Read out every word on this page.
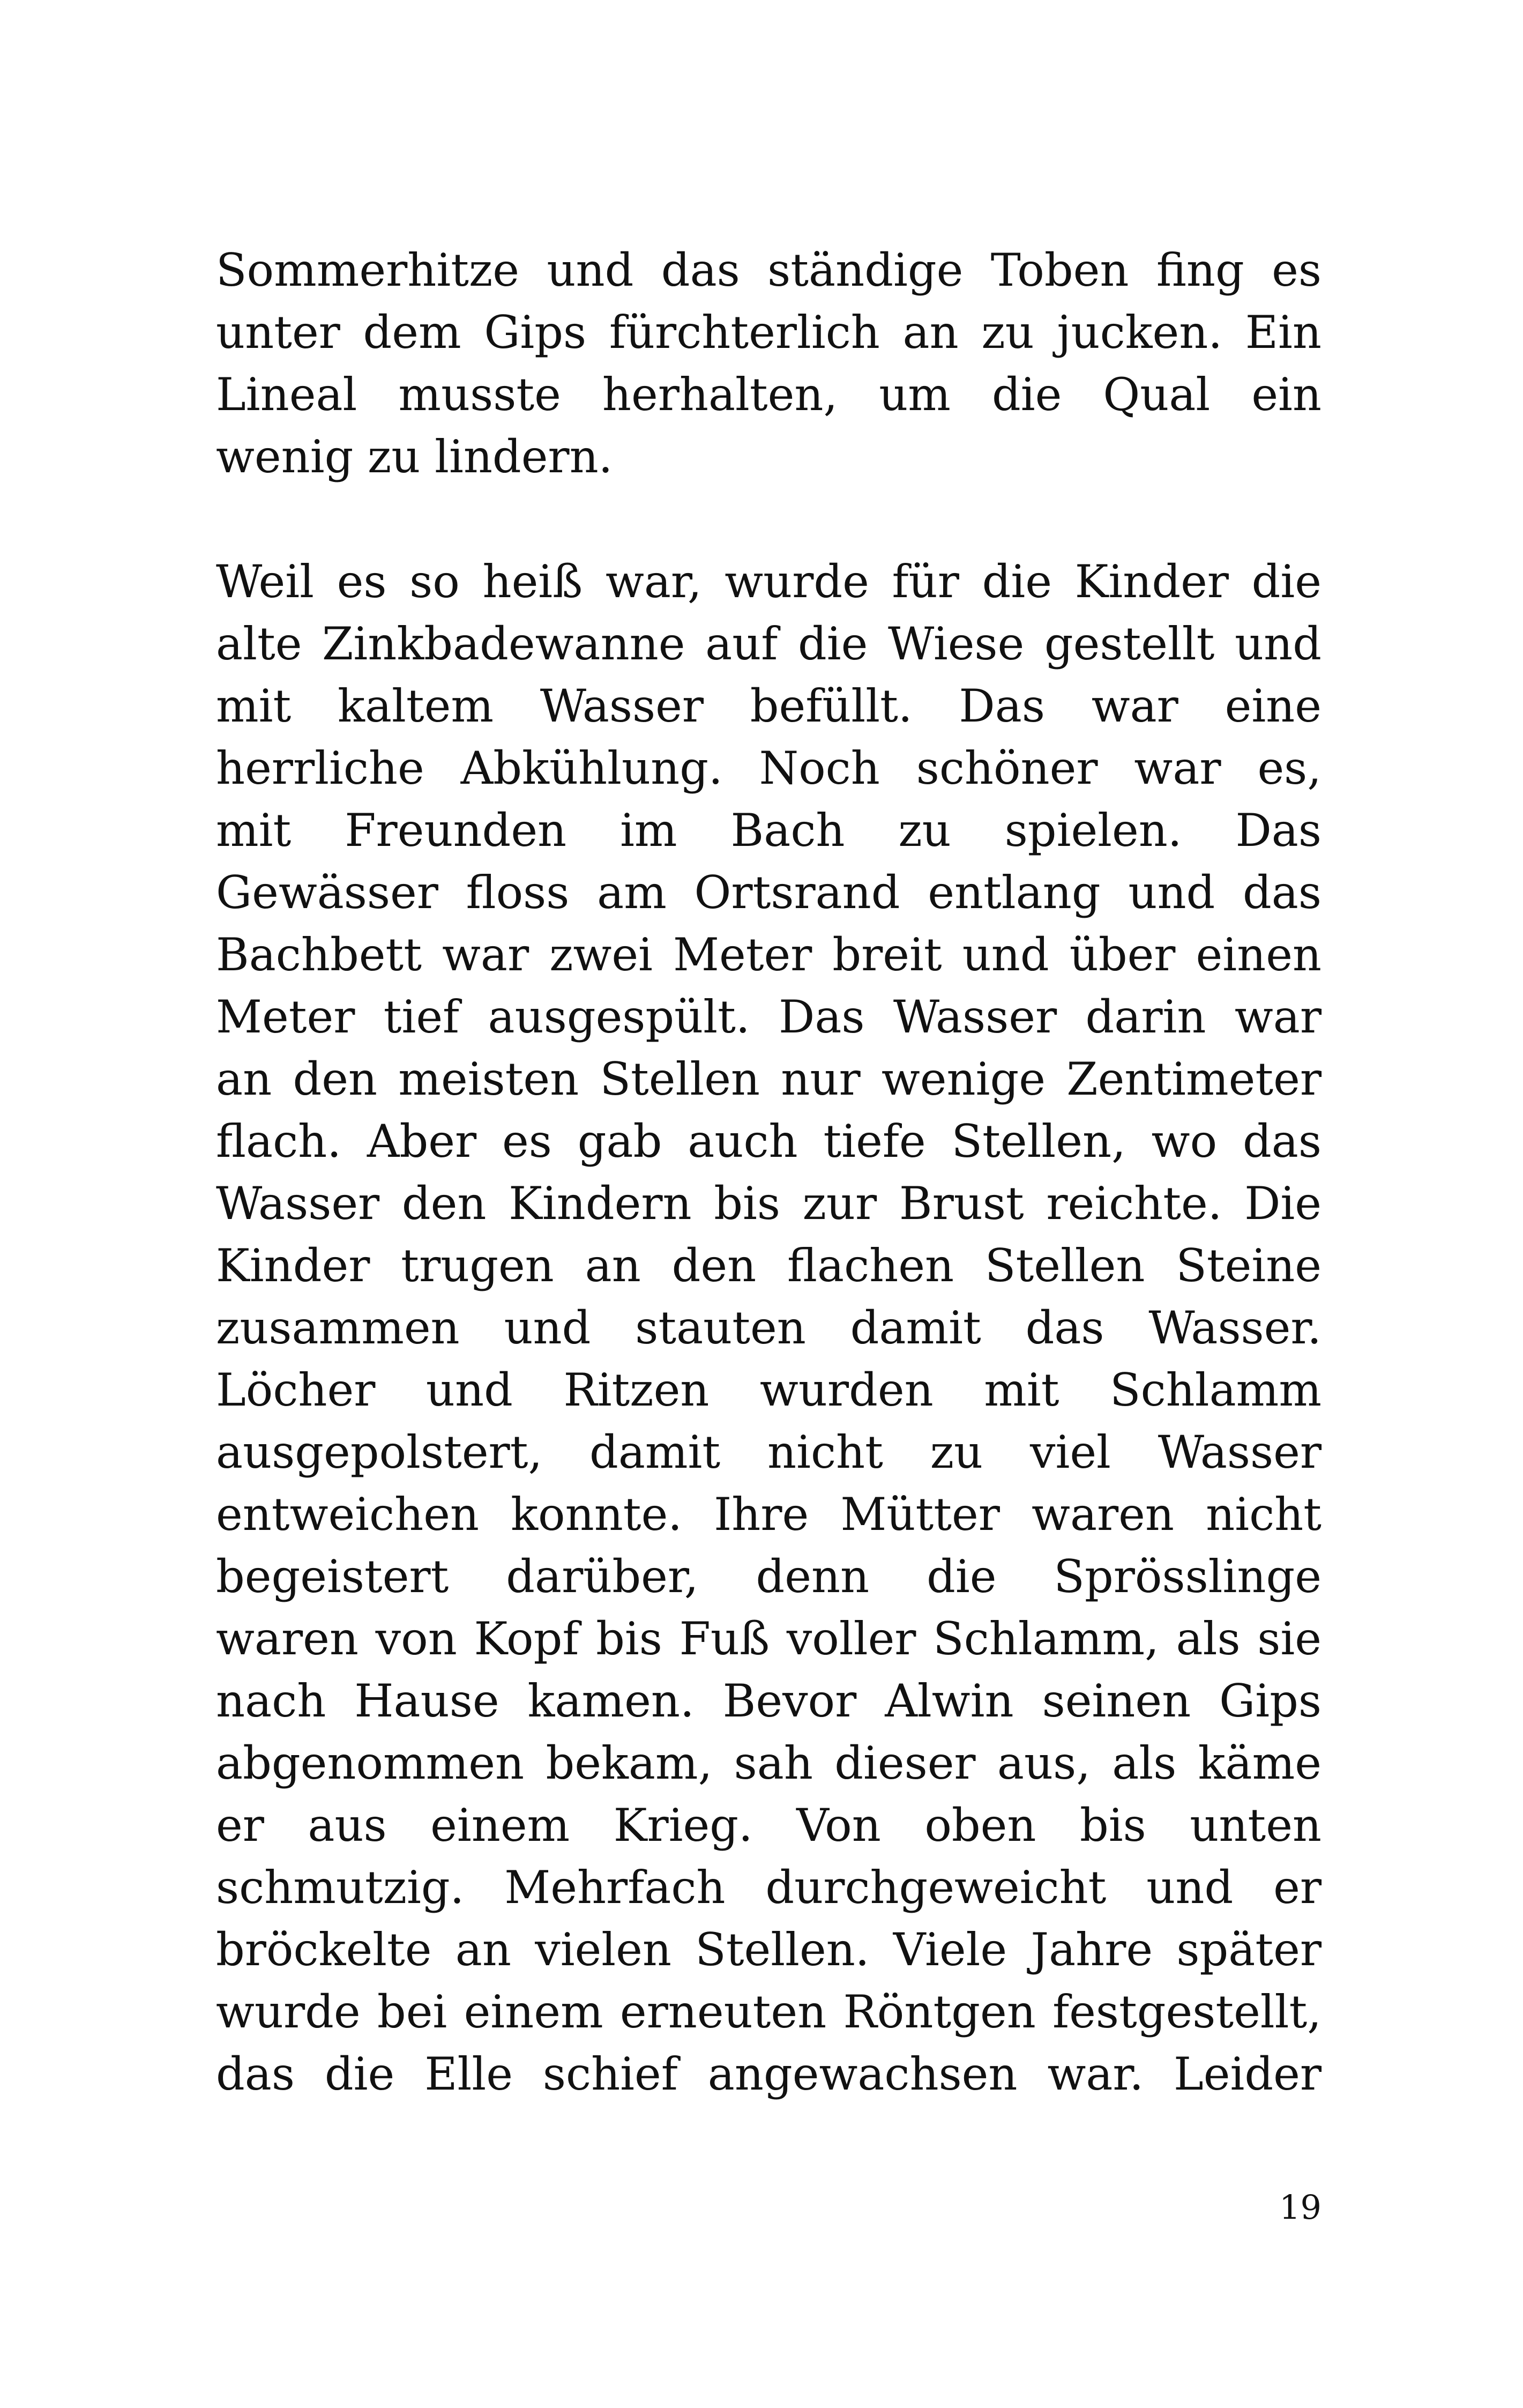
Sommerhitze und das ständige Toben fing es
unter dem Gips fürchterlich an zu jucken. Ein
Lineal musste herhalten, um die Qual ein
wenig zu lindern.
Weil es so heiß war, wurde für die Kinder die
alte Zinkbadewanne auf die Wiese gestellt und
mit kaltem Wasser befüllt. Das war eine
herrliche Abkühlung. Noch schöner war es,
mit Freunden im Bach zu spielen. Das
Gewässer floss am Ortsrand entlang und das
Bachbett war zwei Meter breit und über einen
Meter tief ausgespült. Das Wasser darin war
an den meisten Stellen nur wenige Zentimeter
flach. Aber es gab auch tiefe Stellen, wo das
Wasser den Kindern bis zur Brust reichte. Die
Kinder trugen an den flachen Stellen Steine
zusammen und stauten damit das Wasser.
Löcher und Ritzen wurden mit Schlamm
ausgepolstert, damit nicht zu viel Wasser
entweichen konnte. Ihre Mütter waren nicht
begeistert darüber, denn die Sprösslinge
waren von Kopf bis Fuß voller Schlamm, als sie
nach Hause kamen. Bevor Alwin seinen Gips
abgenommen bekam, sah dieser aus, als käme
er aus einem Krieg. Von oben bis unten
schmutzig. Mehrfach durchgeweicht und er
bröckelte an vielen Stellen. Viele Jahre später
wurde bei einem erneuten Röntgen festgestellt,
das die Elle schief angewachsen war. Leider
19
